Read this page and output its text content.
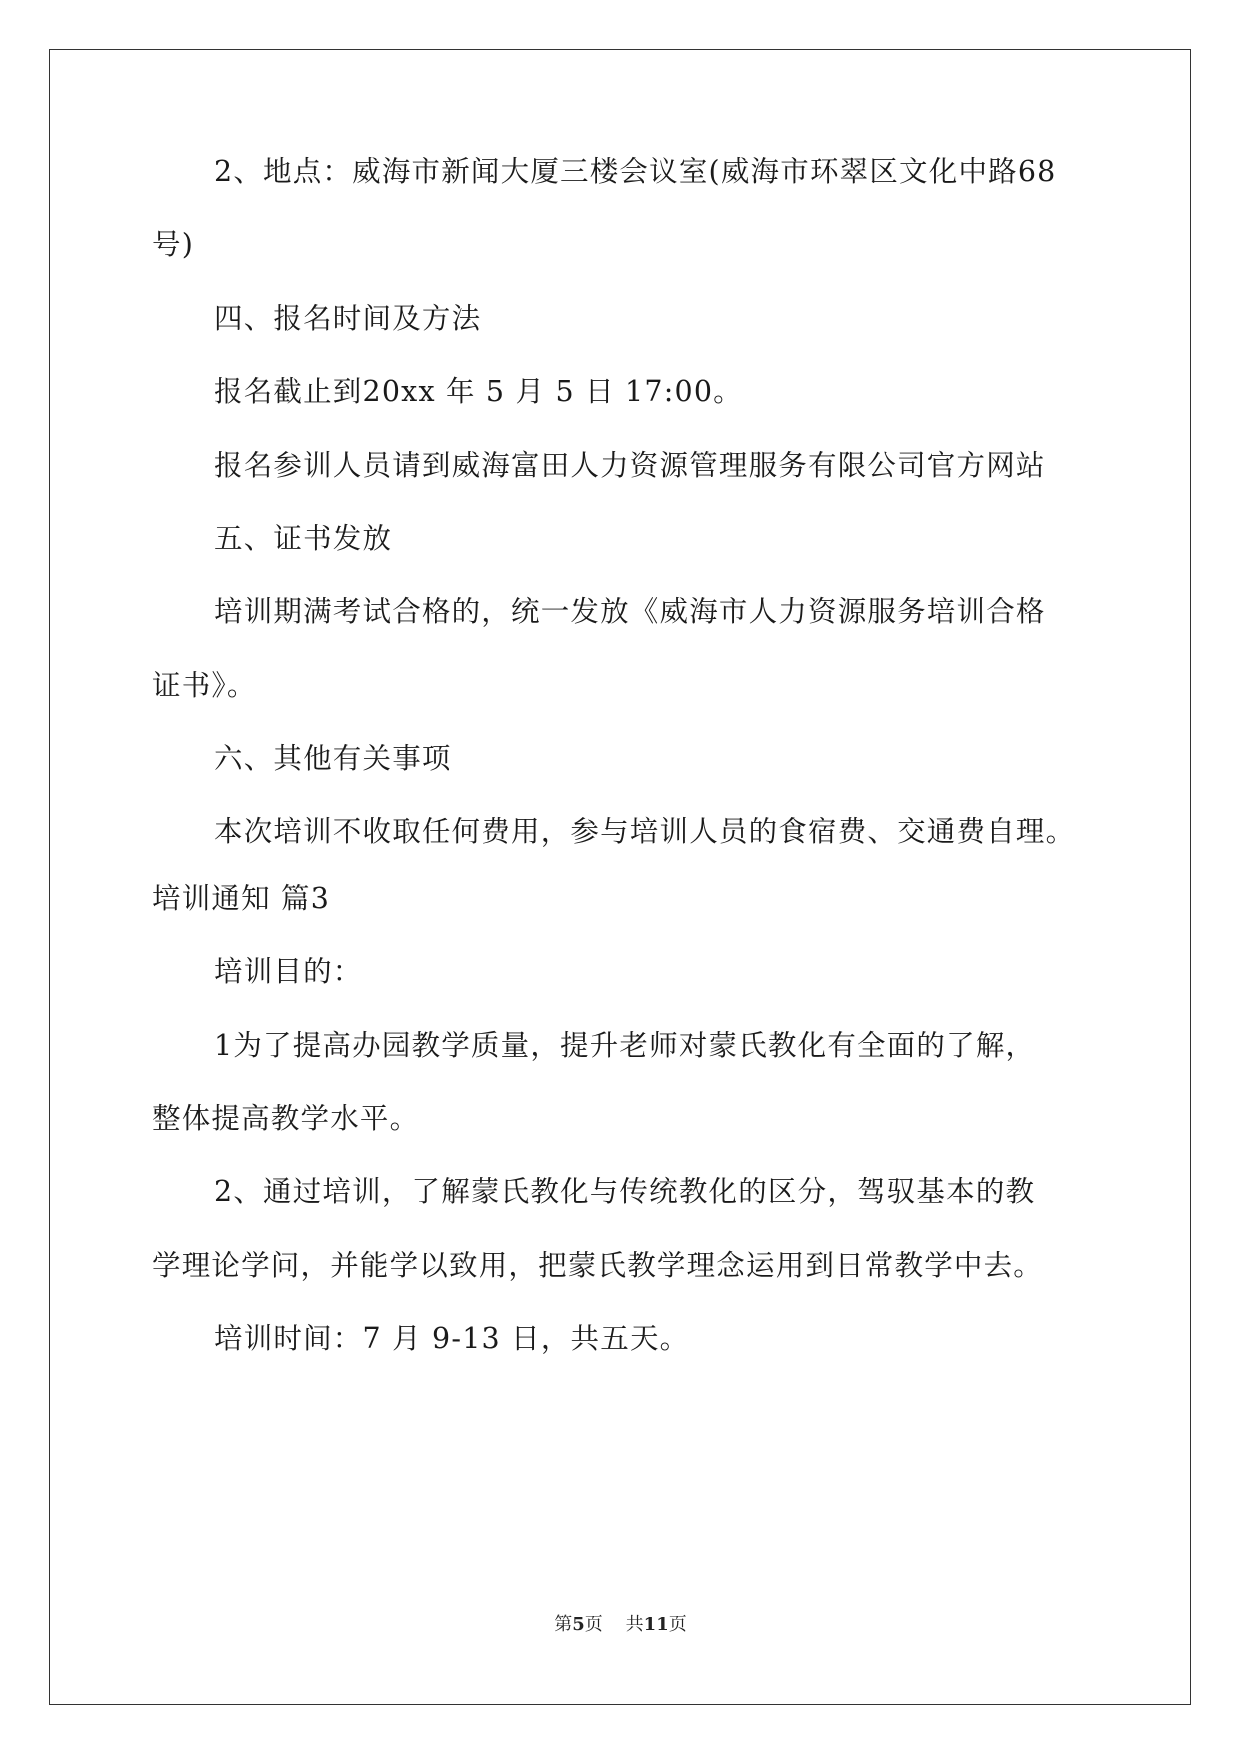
2、地点：威海市新闻大厦三楼会议室(威海市环翠区文化中路68
号)
四、报名时间及方法
报名截止到20xx 年 5 月 5 日 17:00。
报名参训人员请到威海富田人力资源管理服务有限公司官方网站
五、证书发放
培训期满考试合格的，统一发放《威海市人力资源服务培训合格
证书》。
六、其他有关事项
本次培训不收取任何费用，参与培训人员的食宿费、交通费自理。
培训通知 篇3
培训目的：
1为了提高办园教学质量，提升老师对蒙氏教化有全面的了解，
整体提高教学水平。
2、通过培训，了解蒙氏教化与传统教化的区分，驾驭基本的教
学理论学问，并能学以致用，把蒙氏教学理念运用到日常教学中去。
培训时间：7 月 9-13 日，共五天。
第5页 共11页
